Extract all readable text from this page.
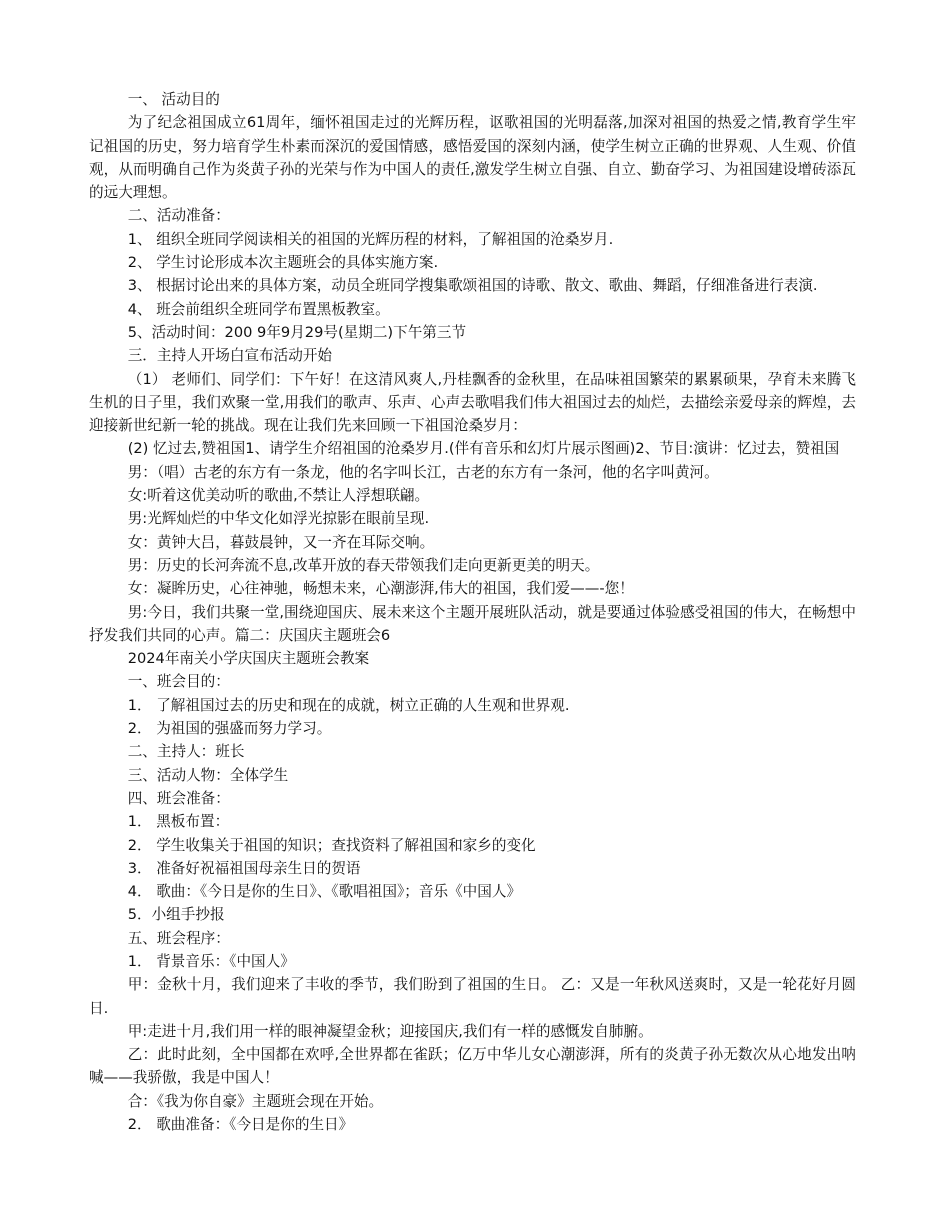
一、 活动目的

为了纪念祖国成立61周年，缅怀祖国走过的光辉历程，讴歌祖国的光明磊落,加深对祖国的热爱之情,教育学生牢记祖国的历史，努力培育学生朴素而深沉的爱国情感，感悟爱国的深刻内涵，使学生树立正确的世界观、人生观、价值观，从而明确自己作为炎黄子孙的光荣与作为中国人的责任,激发学生树立自强、自立、勤奋学习、为祖国建设增砖添瓦的远大理想。

二、活动准备：

1、 组织全班同学阅读相关的祖国的光辉历程的材料，了解祖国的沧桑岁月.

2、 学生讨论形成本次主题班会的具体实施方案.

3、 根据讨论出来的具体方案，动员全班同学搜集歌颂祖国的诗歌、散文、歌曲、舞蹈，仔细准备进行表演.

4、 班会前组织全班同学布置黑板教室。

5、活动时间：200 9年9月29号(星期二)下午第三节

三．主持人开场白宣布活动开始

（1） 老师们、同学们：下午好！在这清风爽人,丹桂飘香的金秋里，在品味祖国繁荣的累累硕果，孕育未来腾飞生机的日子里，我们欢聚一堂,用我们的歌声、乐声、心声去歌唱我们伟大祖国过去的灿烂，去描绘亲爱母亲的辉煌，去迎接新世纪新一轮的挑战。现在让我们先来回顾一下祖国沧桑岁月：

(2) 忆过去,赞祖国1、请学生介绍祖国的沧桑岁月.(伴有音乐和幻灯片展示图画)2、节目:演讲：忆过去，赞祖国

男：（唱）古老的东方有一条龙，他的名字叫长江，古老的东方有一条河，他的名字叫黄河。

女:听着这优美动听的歌曲,不禁让人浮想联翩。

男:光辉灿烂的中华文化如浮光掠影在眼前呈现.

女：黄钟大吕，暮鼓晨钟，又一齐在耳际交响。

男：历史的长河奔流不息,改革开放的春天带领我们走向更新更美的明天。

女：凝眸历史，心往神驰，畅想未来，心潮澎湃,伟大的祖国，我们爱——-您！

男:今日，我们共聚一堂,围绕迎国庆、展未来这个主题开展班队活动，就是要通过体验感受祖国的伟大，在畅想中抒发我们共同的心声。篇二：庆国庆主题班会6

2024年南关小学庆国庆主题班会教案

一、班会目的：

1． 了解祖国过去的历史和现在的成就，树立正确的人生观和世界观.

2． 为祖国的强盛而努力学习。

二、主持人：班长

三、活动人物：全体学生

四、班会准备：

1． 黑板布置：

2． 学生收集关于祖国的知识；查找资料了解祖国和家乡的变化

3． 准备好祝福祖国母亲生日的贺语

4． 歌曲：《今日是你的生日》、《歌唱祖国》；音乐《中国人》

5．小组手抄报

五、班会程序：

1． 背景音乐：《中国人》

甲：金秋十月，我们迎来了丰收的季节，我们盼到了祖国的生日。 乙：又是一年秋风送爽时，又是一轮花好月圆日.

甲:走进十月,我们用一样的眼神凝望金秋；迎接国庆,我们有一样的感慨发自肺腑。

乙：此时此刻，全中国都在欢呼,全世界都在雀跃；亿万中华儿女心潮澎湃，所有的炎黄子孙无数次从心地发出呐喊——我骄傲，我是中国人！

合：《我为你自豪》主题班会现在开始。

2． 歌曲准备：《今日是你的生日》
